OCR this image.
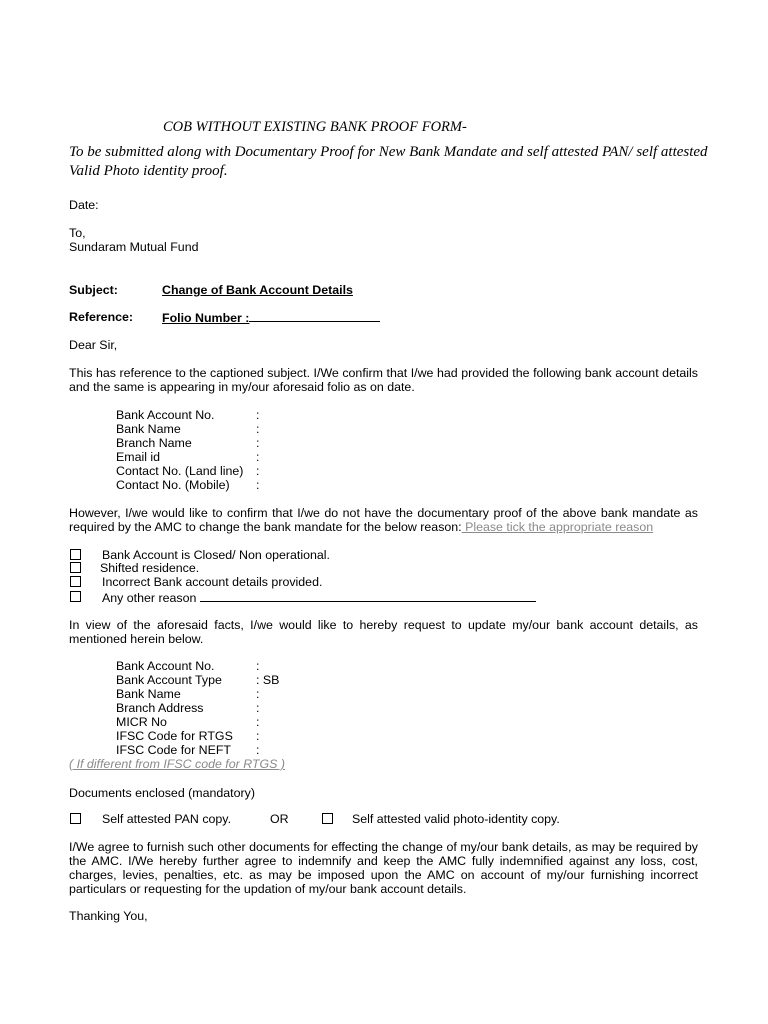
COB WITHOUT EXISTING BANK PROOF FORM-
To be submitted along with Documentary Proof for New Bank Mandate and self attested PAN/ self attested Valid Photo identity proof.
Date:
To,
Sundaram Mutual Fund
Subject:	Change of Bank Account Details
Reference: Folio Number :
Dear Sir,
This has reference to the captioned subject. I/We confirm that I/we had provided the following bank account details and the same is appearing in my/our aforesaid folio as on date.
Bank Account No.	:
Bank Name	:
Branch Name	:
Email id	:
Contact No. (Land line) :
Contact No. (Mobile) :
However, I/we would like to confirm that I/we do not have the documentary proof of the above bank mandate as required by the AMC to change the bank mandate for the below reason: Please tick the appropriate reason
Bank Account is Closed/ Non operational.
Shifted residence.
Incorrect Bank account details provided.
Any other reason
In view of the aforesaid facts, I/we would like to hereby request to update my/our bank account details, as mentioned herein below.
Bank Account No.	:
Bank Account Type	: SB
Bank Name	:
Branch Address	:
MICR No	:
IFSC Code for RTGS :
IFSC Code for NEFT :
( If different from IFSC code for RTGS )
Documents enclosed (mandatory)
Self attested PAN copy.	OR	Self attested valid photo-identity copy.
I/We agree to furnish such other documents for effecting the change of my/our bank details, as may be required by the AMC. I/We hereby further agree to indemnify and keep the AMC fully indemnified against any loss, cost, charges, levies, penalties, etc. as may be imposed upon the AMC on account of my/our furnishing incorrect particulars or requesting for the updation of my/our bank account details.
Thanking You,
